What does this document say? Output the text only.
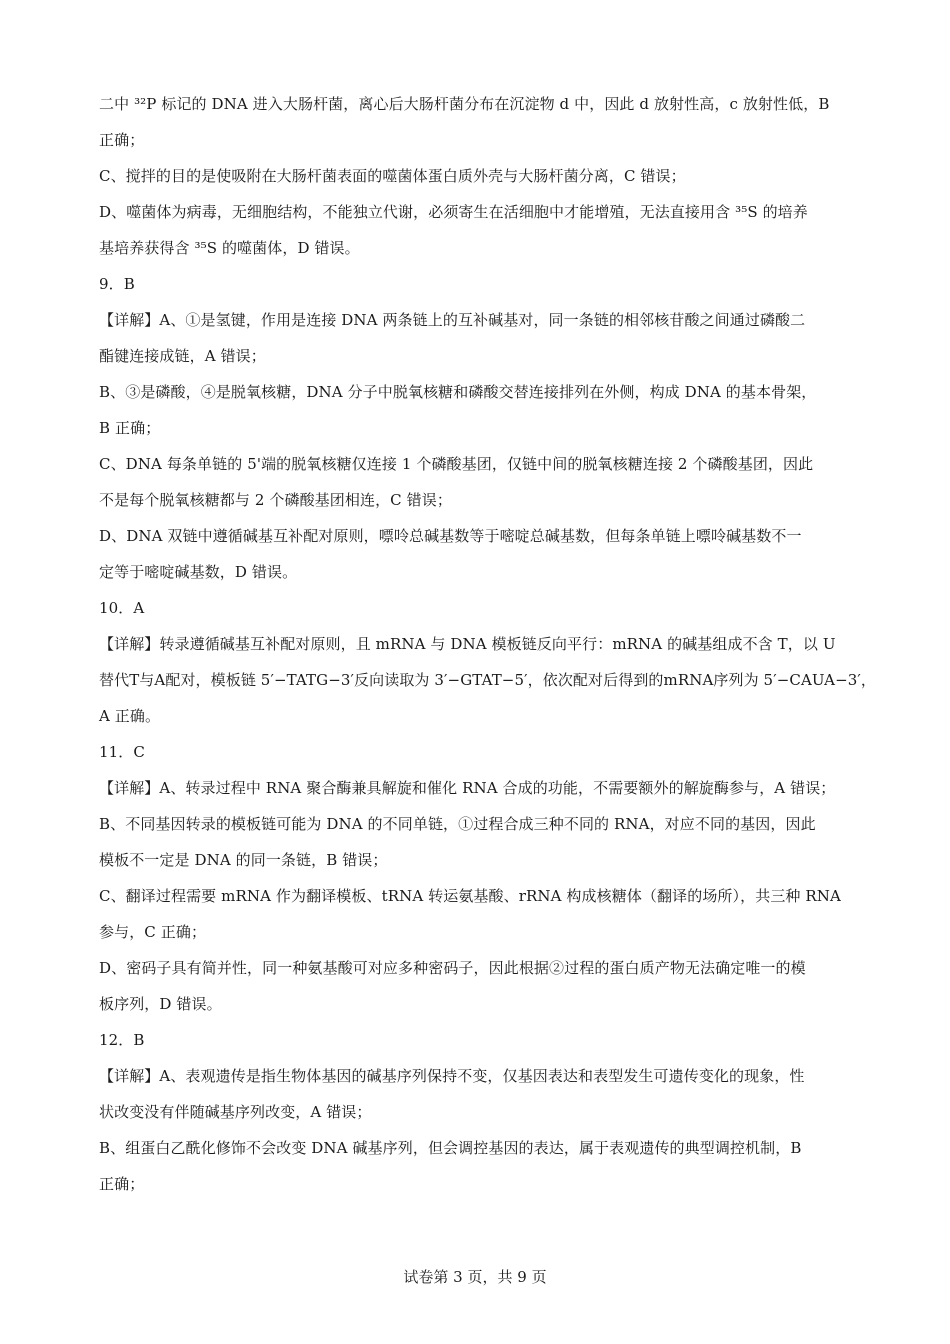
二中 ³²P 标记的 DNA 进入大肠杆菌，离心后大肠杆菌分布在沉淀物 d 中，因此 d 放射性高，c 放射性低，B
正确；
C、搅拌的目的是使吸附在大肠杆菌表面的噬菌体蛋白质外壳与大肠杆菌分离，C 错误；
D、噬菌体为病毒，无细胞结构，不能独立代谢，必须寄生在活细胞中才能增殖，无法直接用含 ³⁵S 的培养
基培养获得含 ³⁵S 的噬菌体，D 错误。
9．B
【详解】A、①是氢键，作用是连接 DNA 两条链上的互补碱基对，同一条链的相邻核苷酸之间通过磷酸二
酯键连接成链，A 错误；
B、③是磷酸，④是脱氧核糖，DNA 分子中脱氧核糖和磷酸交替连接排列在外侧，构成 DNA 的基本骨架，
B 正确；
C、DNA 每条单链的 5'端的脱氧核糖仅连接 1 个磷酸基团，仅链中间的脱氧核糖连接 2 个磷酸基团，因此
不是每个脱氧核糖都与 2 个磷酸基团相连，C 错误；
D、DNA 双链中遵循碱基互补配对原则，嘌呤总碱基数等于嘧啶总碱基数，但每条单链上嘌呤碱基数不一
定等于嘧啶碱基数，D 错误。
10．A
【详解】转录遵循碱基互补配对原则，且 mRNA 与 DNA 模板链反向平行：mRNA 的碱基组成不含 T，以 U
替代T与A配对，模板链 5′−TATG−3′反向读取为 3′−GTAT−5′，依次配对后得到的mRNA序列为 5′−CAUA−3′，
A 正确。
11．C
【详解】A、转录过程中 RNA 聚合酶兼具解旋和催化 RNA 合成的功能，不需要额外的解旋酶参与，A 错误；
B、不同基因转录的模板链可能为 DNA 的不同单链，①过程合成三种不同的 RNA，对应不同的基因，因此
模板不一定是 DNA 的同一条链，B 错误；
C、翻译过程需要 mRNA 作为翻译模板、tRNA 转运氨基酸、rRNA 构成核糖体（翻译的场所），共三种 RNA
参与，C 正确；
D、密码子具有简并性，同一种氨基酸可对应多种密码子，因此根据②过程的蛋白质产物无法确定唯一的模
板序列，D 错误。
12．B
【详解】A、表观遗传是指生物体基因的碱基序列保持不变，仅基因表达和表型发生可遗传变化的现象，性
状改变没有伴随碱基序列改变，A 错误；
B、组蛋白乙酰化修饰不会改变 DNA 碱基序列，但会调控基因的表达，属于表观遗传的典型调控机制，B
正确；
试卷第 3 页，共 9 页
